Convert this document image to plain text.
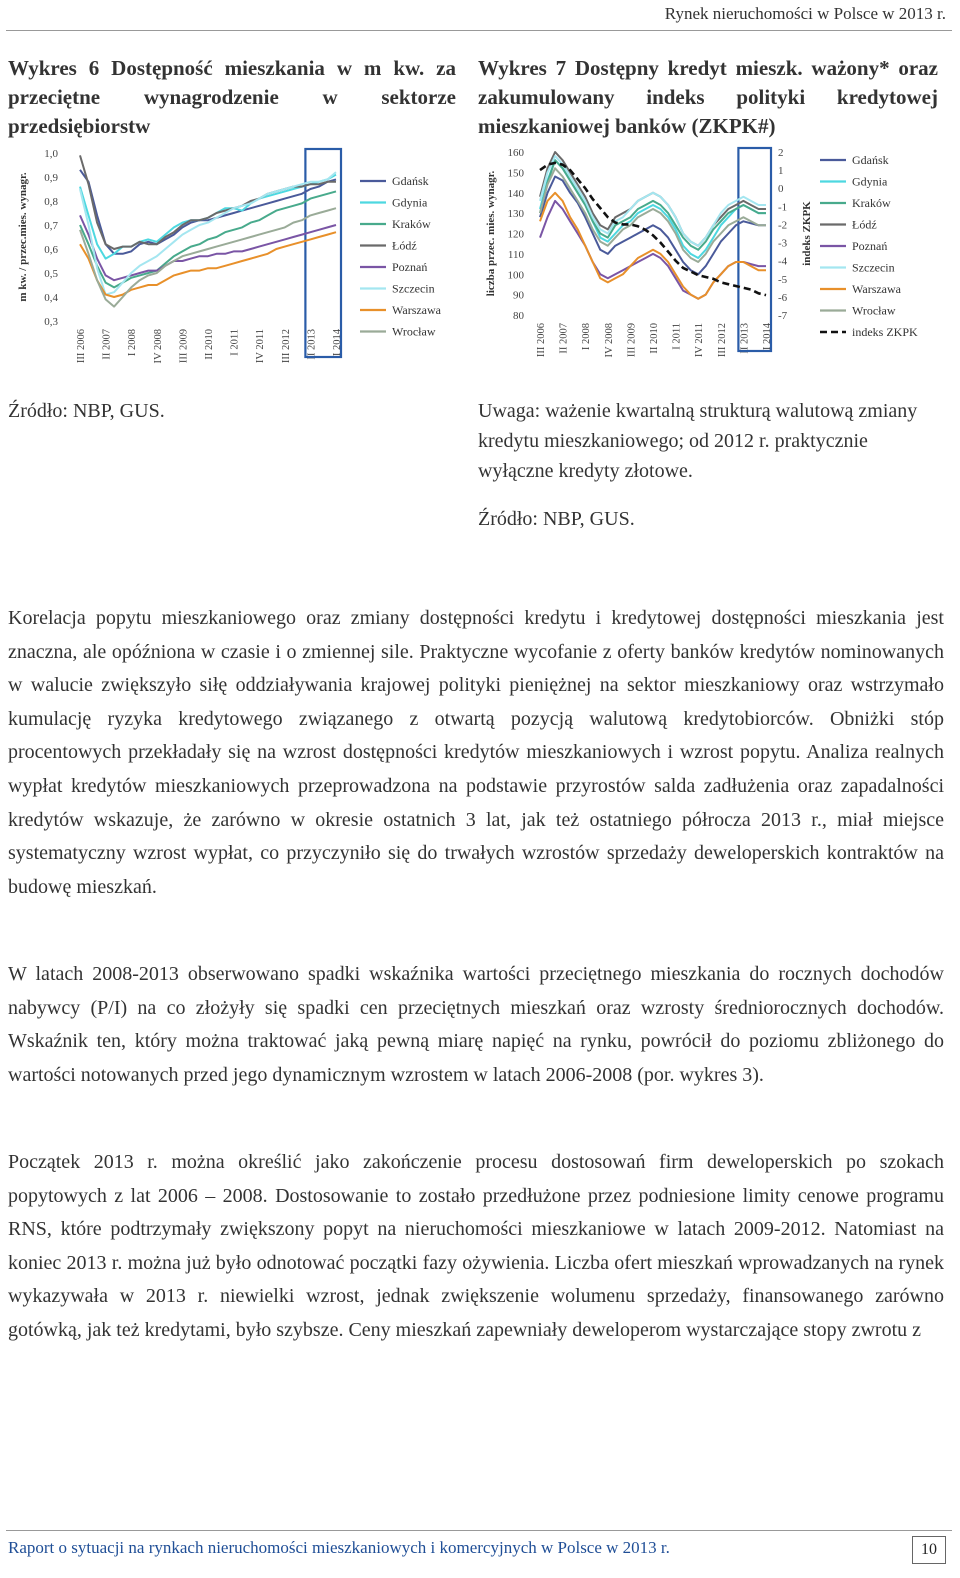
Rynek nieruchomości w Polsce w 2013 r.
Wykres 6 Dostępność mieszkania w m kw. za przeciętne wynagrodzenie w sektorze przedsiębiorstw
m kw. / przec.mies. wynagr.
1,0
0,9
0,8
0,7
0,6
0,5
0,4
0,3
III 2006 II 2007 I 2008 IV 2008 III 2009 II 2010 I 2011 IV 2011 III 2012 II 2013 I 2014
Gdańsk
Gdynia
Kraków
Łódź
Poznań
Szczecin
Warszawa
Wrocław
Wykres 7 Dostępny kredyt mieszk. ważony* oraz zakumulowany indeks polityki kredytowej mieszkaniowej banków (ZKPK#)
liczba przec. mies. wynagr.
160
150
140
130
120
110
100
90
80
2
1
0
-1
-2
-3
-4
-5
-6
-7
indeks ZKPK
III 2006 II 2007 I 2008 IV 2008 III 2009 II 2010 I 2011 IV 2011 III 2012 II 2013 I 2014
Gdańsk
Gdynia
Kraków
Łódź
Poznań
Szczecin
Warszawa
Wrocław
indeks ZKPK

Źródło: NBP, GUS.	Uwaga: ważenie kwartalną strukturą walutową zmiany kredytu mieszkaniowego; od 2012 r. praktycznie wyłączne kredyty złotowe.

Źródło: NBP, GUS.

Korelacja popytu mieszkaniowego oraz zmiany dostępności kredytu i kredytowej dostępności mieszkania jest znaczna, ale opóźniona w czasie i o zmiennej sile. Praktyczne wycofanie z oferty banków kredytów nominowanych w walucie zwiększyło siłę oddziaływania krajowej polityki pieniężnej na sektor mieszkaniowy oraz wstrzymało kumulację ryzyka kredytowego związanego z otwartą pozycją walutową kredytobiorców. Obniżki stóp procentowych przekładały się na wzrost dostępności kredytów mieszkaniowych i wzrost popytu. Analiza realnych wypłat kredytów mieszkaniowych przeprowadzona na podstawie przyrostów salda zadłużenia oraz zapadalności kredytów wskazuje, że zarówno w okresie ostatnich 3 lat, jak też ostatniego półrocza 2013 r., miał miejsce systematyczny wzrost wypłat, co przyczyniło się do trwałych wzrostów sprzedaży deweloperskich kontraktów na budowę mieszkań.

W latach 2008-2013 obserwowano spadki wskaźnika wartości przeciętnego mieszkania do rocznych dochodów nabywcy (P/I) na co złożyły się spadki cen przeciętnych mieszkań oraz wzrosty średniorocznych dochodów. Wskaźnik ten, który można traktować jaką pewną miarę napięć na rynku, powrócił do poziomu zbliżonego do wartości notowanych przed jego dynamicznym wzrostem w latach 2006-2008 (por. wykres 3).

Początek 2013 r. można określić jako zakończenie procesu dostosowań firm deweloperskich po szokach popytowych z lat 2006 – 2008. Dostosowanie to zostało przedłużone przez podniesione limity cenowe programu RNS, które podtrzymały zwiększony popyt na nieruchomości mieszkaniowe w latach 2009-2012. Natomiast na koniec 2013 r. można już było odnotować początki fazy ożywienia. Liczba ofert mieszkań wprowadzanych na rynek wykazywała w 2013 r. niewielki wzrost, jednak zwiększenie wolumenu sprzedaży, finansowanego zarówno gotówką, jak też kredytami, było szybsze. Ceny mieszkań zapewniały deweloperom wystarczające stopy zwrotu z

Raport o sytuacji na rynkach nieruchomości mieszkaniowych i komercyjnych w Polsce w 2013 r.	10
